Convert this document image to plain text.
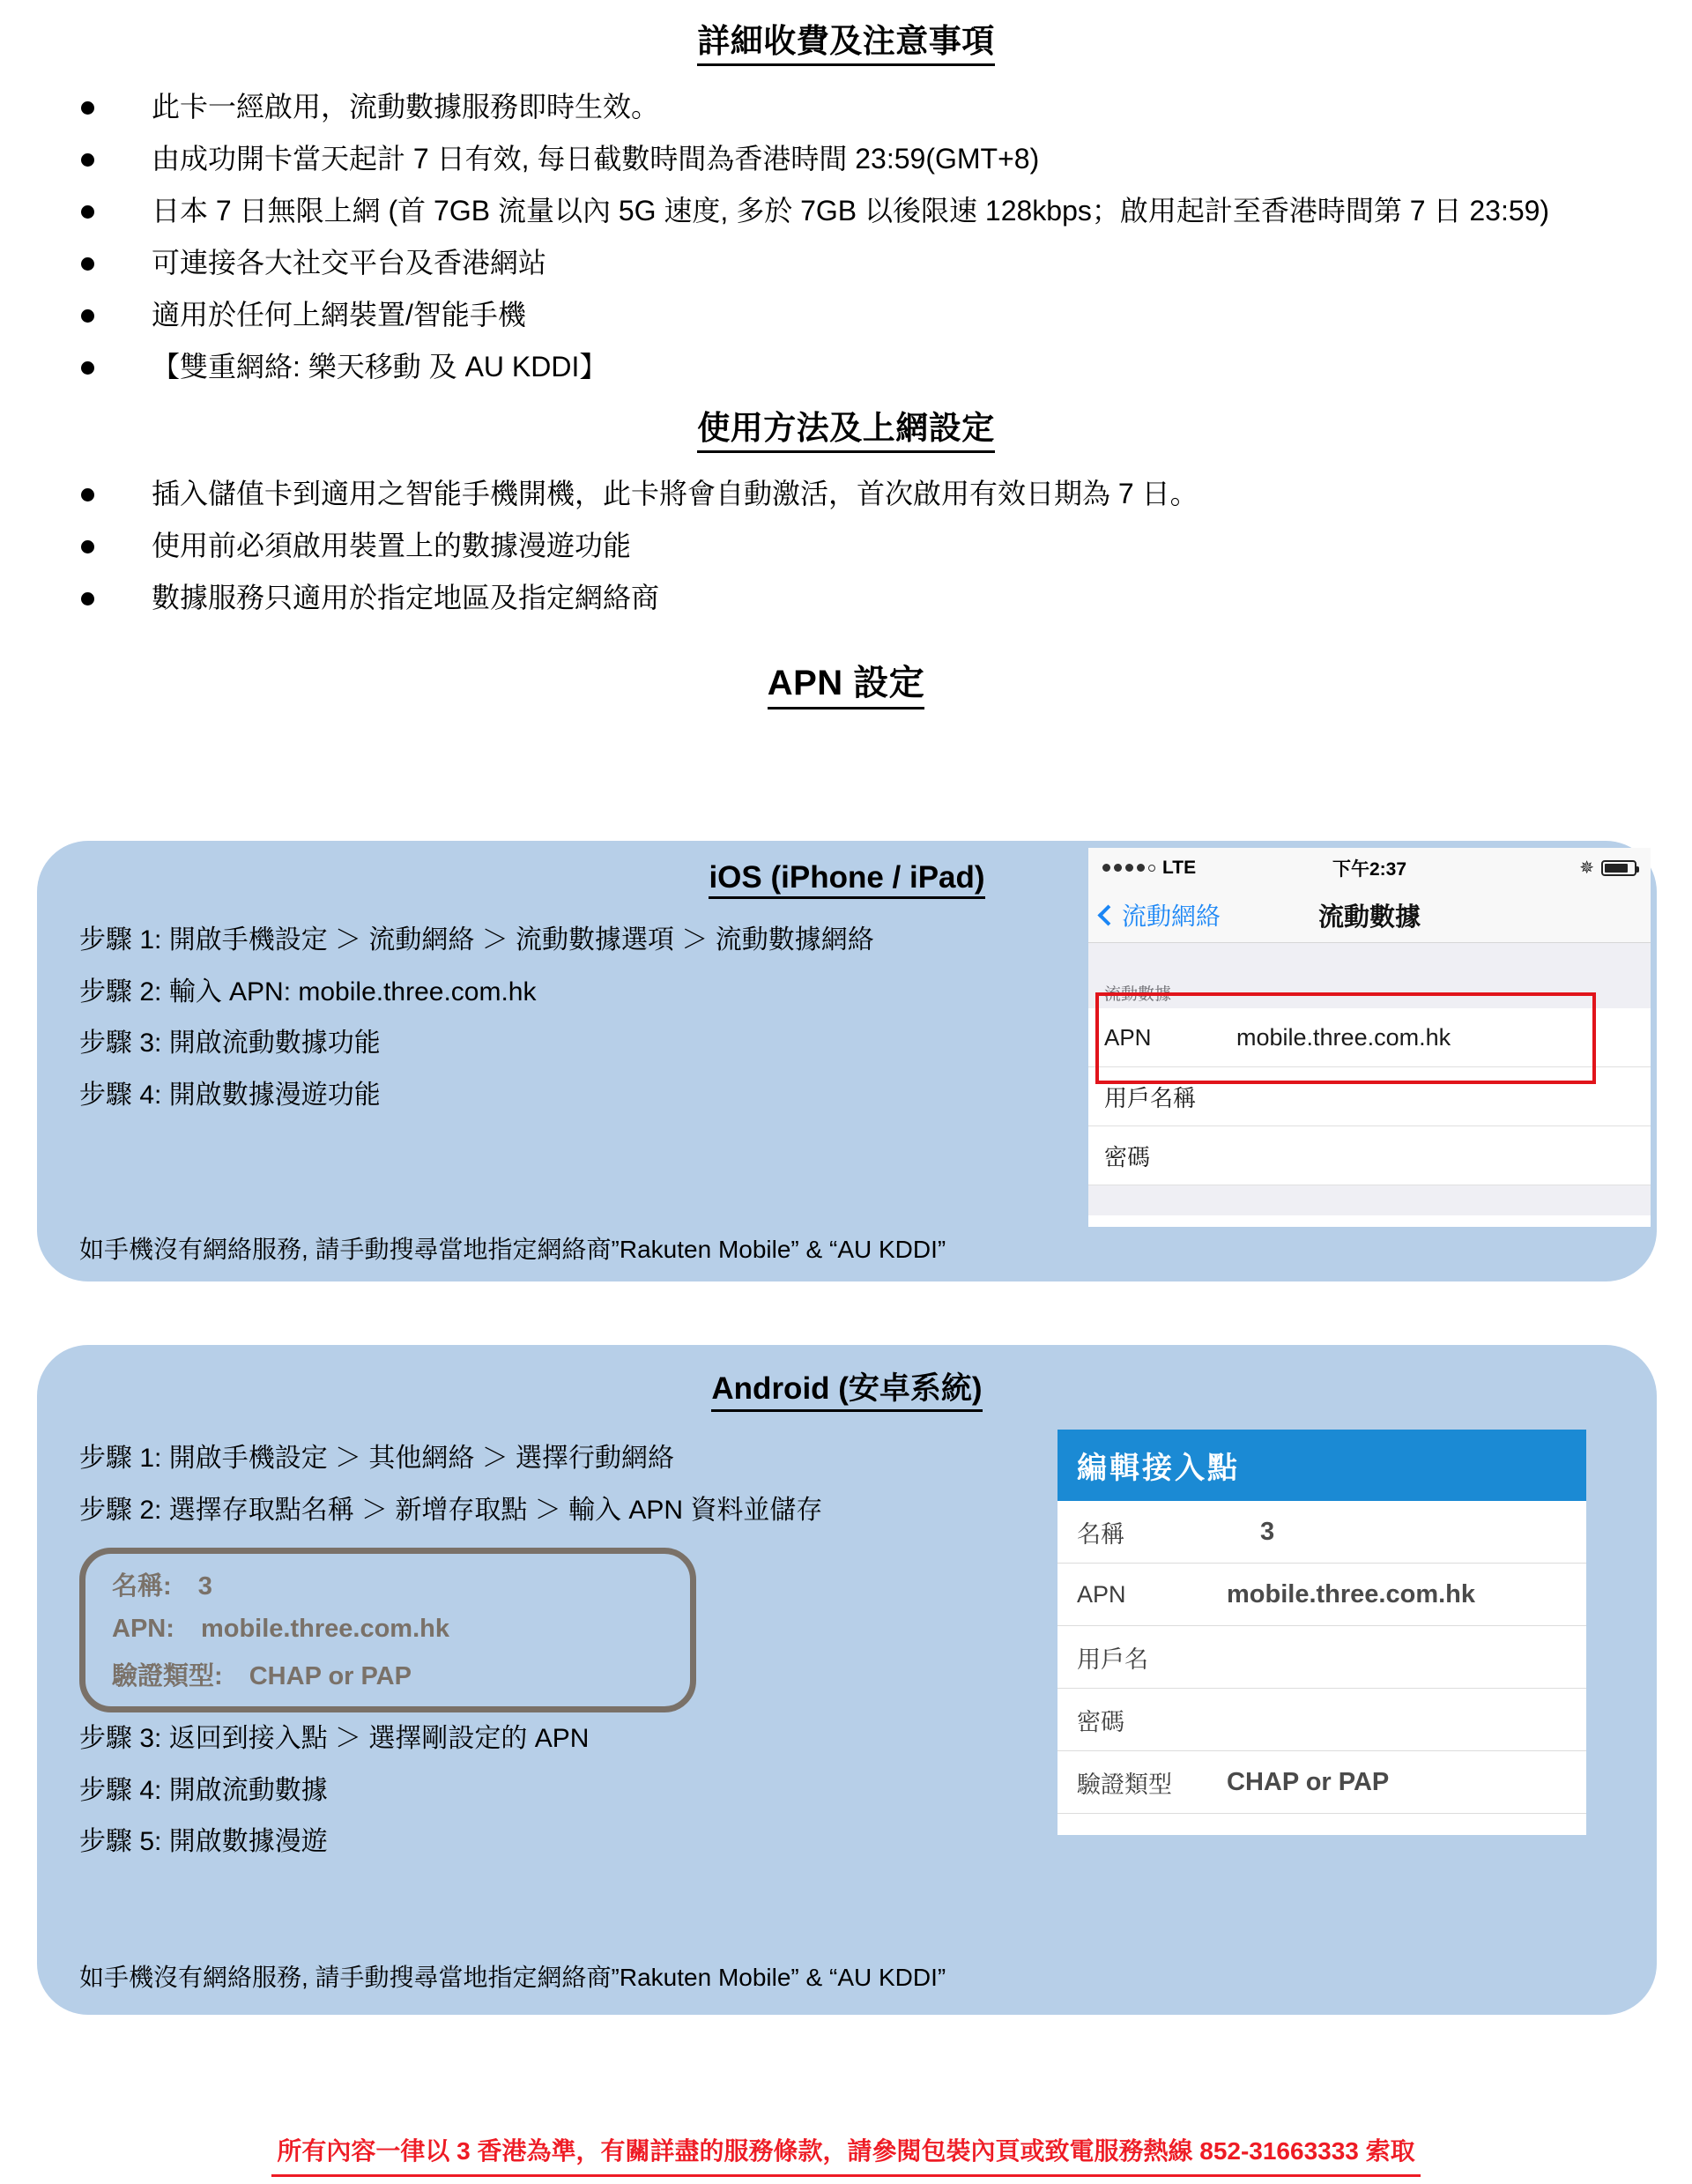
詳細收費及注意事項
此卡一經啟用，流動數據服務即時生效。
由成功開卡當天起計 7 日有效, 每日截數時間為香港時間 23:59(GMT+8)
日本 7 日無限上網 (首 7GB 流量以內 5G 速度, 多於 7GB 以後限速 128kbps；啟用起計至香港時間第 7 日 23:59)
可連接各大社交平台及香港網站
適用於任何上網裝置/智能手機
【雙重網絡: 樂天移動 及 AU KDDI】
使用方法及上網設定
插入儲值卡到適用之智能手機開機，此卡將會自動激活，首次啟用有效日期為 7 日。
使用前必須啟用裝置上的數據漫遊功能
數據服務只適用於指定地區及指定網絡商
APN 設定
iOS (iPhone / iPad)
步驟 1: 開啟手機設定 ＞ 流動網絡 ＞ 流動數據選項 ＞ 流動數據網絡
步驟 2: 輸入 APN: mobile.three.com.hk
步驟 3: 開啟流動數據功能
步驟 4: 開啟數據漫遊功能
如手機沒有網絡服務, 請手動搜尋當地指定網絡商”Rakuten Mobile” & “AU KDDI”
LTE	下午2:37	✵
流動網絡	流動數據
流動數據
APN	mobile.three.com.hk
用戶名稱
密碼
Android (安卓系統)
步驟 1: 開啟手機設定 ＞ 其他網絡 ＞ 選擇行動網絡
步驟 2: 選擇存取點名稱 ＞ 新增存取點 ＞ 輸入 APN 資料並儲存
名稱: 3
APN: mobile.three.com.hk
驗證類型: CHAP or PAP
步驟 3: 返回到接入點 ＞ 選擇剛設定的 APN
步驟 4: 開啟流動數據
步驟 5: 開啟數據漫遊
如手機沒有網絡服務, 請手動搜尋當地指定網絡商”Rakuten Mobile” & “AU KDDI”
編輯接入點
名稱	3
APN	mobile.three.com.hk
用戶名
密碼
驗證類型	CHAP or PAP
所有內容一律以 3 香港為準，有關詳盡的服務條款，請參閱包裝內頁或致電服務熱線 852-31663333 索取
